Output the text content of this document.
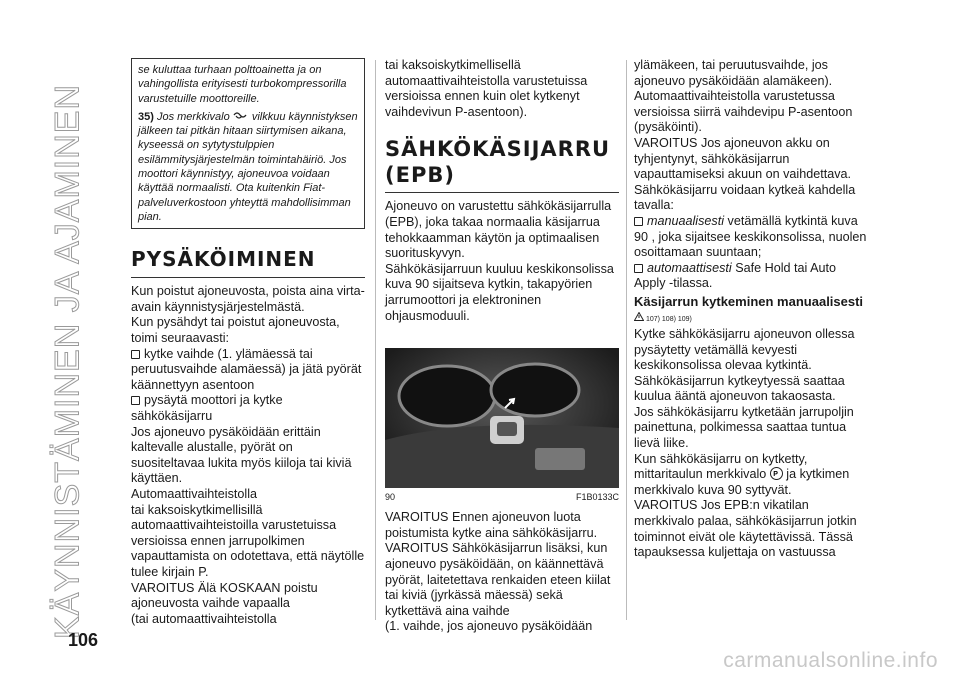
KÄYNNISTÄMINEN JA AJAMINEN
106

se kuluttaa turhaan polttoainetta ja on vahingollista erityisesti turbokompressorilla varustetuille moottoreille.

35) Jos merkkivalo vilkkuu käynnistyksen jälkeen tai pitkän hitaan siirtymisen aikana, kyseessä on sytytystulppien esilämmitysjärjestelmän toimintahäiriö. Jos moottori käynnistyy, ajoneuvoa voidaan käyttää normaalisti. Ota kuitenkin Fiat-palveluverkostoon yhteyttä mahdollisimman pian.

PYSÄKÖIMINEN

Kun poistut ajoneuvosta, poista aina virta-avain käynnistysjärjestelmästä.

Kun pysähdyt tai poistut ajoneuvosta, toimi seuraavasti:

kytke vaihde (1. ylämäessä tai peruutusvaihde alamäessä) ja jätä pyörät käännettyyn asentoon

pysäytä moottori ja kytke sähkökäsijarru

Jos ajoneuvo pysäköidään erittäin kaltevalle alustalle, pyörät on suositeltavaa lukita myös kiiloja tai kiviä käyttäen.

Automaattivaihteistolla

tai kaksoiskytkimellisillä automaattivaihteistoilla varustetuissa versioissa ennen jarrupolkimen vapauttamista on odotettava, että näytölle tulee kirjain P.

VAROITUS Älä KOSKAAN poistu ajoneuvosta vaihde vapaalla

(tai automaattivaihteistolla

tai kaksoiskytkimellisellä automaattivaihteistolla varustetuissa versioissa ennen kuin olet kytkenyt vaihdevivun P-asentoon).

SÄHKÖKÄSIJARRU (EPB)

Ajoneuvo on varustettu sähkökäsijarrulla (EPB), joka takaa normaalia käsijarrua tehokkaamman käytön ja optimaalisen suorituskyvyn.

Sähkökäsijarruun kuuluu keskikonsolissa kuva 90 sijaitseva kytkin, takapyörien jarrumoottori ja elektroninen ohjausmoduuli.

90	F1B0133C

VAROITUS Ennen ajoneuvon luota poistumista kytke aina sähkökäsijarru.

VAROITUS Sähkökäsijarrun lisäksi, kun ajoneuvo pysäköidään, on käännettävä pyörät, laitetettava renkaiden eteen kiilat tai kiviä (jyrkässä mäessä) sekä kytkettävä aina vaihde

(1. vaihde, jos ajoneuvo pysäköidään

ylämäkeen, tai peruutusvaihde, jos ajoneuvo pysäköidään alamäkeen).

Automaattivaihteistolla varustetussa versioissa siirrä vaihdevipu P-asentoon (pysäköinti).

VAROITUS Jos ajoneuvon akku on tyhjentynyt, sähkökäsijarrun vapauttamiseksi akuun on vaihdettava.

Sähkökäsijarru voidaan kytkeä kahdella tavalla:

manuaalisesti vetämällä kytkintä kuva 90 , joka sijaitsee keskikonsolissa, nuolen osoittamaan suuntaan;

automaattisesti Safe Hold tai Auto Apply -tilassa.

Käsijarrun kytkeminen manuaalisesti
107) 108) 109)

Kytke sähkökäsijarru ajoneuvon ollessa pysäytetty vetämällä kevyesti keskikonsolissa olevaa kytkintä.

Sähkökäsijarrun kytkeytyessä saattaa kuulua ääntä ajoneuvon takaosasta.

Jos sähkökäsijarru kytketään jarrupoljin painettuna, polkimessa saattaa tuntua lievä liike.

Kun sähkökäsijarru on kytketty, mittaritaulun merkkivalo P ja kytkimen merkkivalo kuva 90 syttyvät.

VAROITUS Jos EPB:n vikatilan merkkivalo palaa, sähkökäsijarrun jotkin toiminnot eivät ole käytettävissä. Tässä tapauksessa kuljettaja on vastuussa

carmanualsonline.info
